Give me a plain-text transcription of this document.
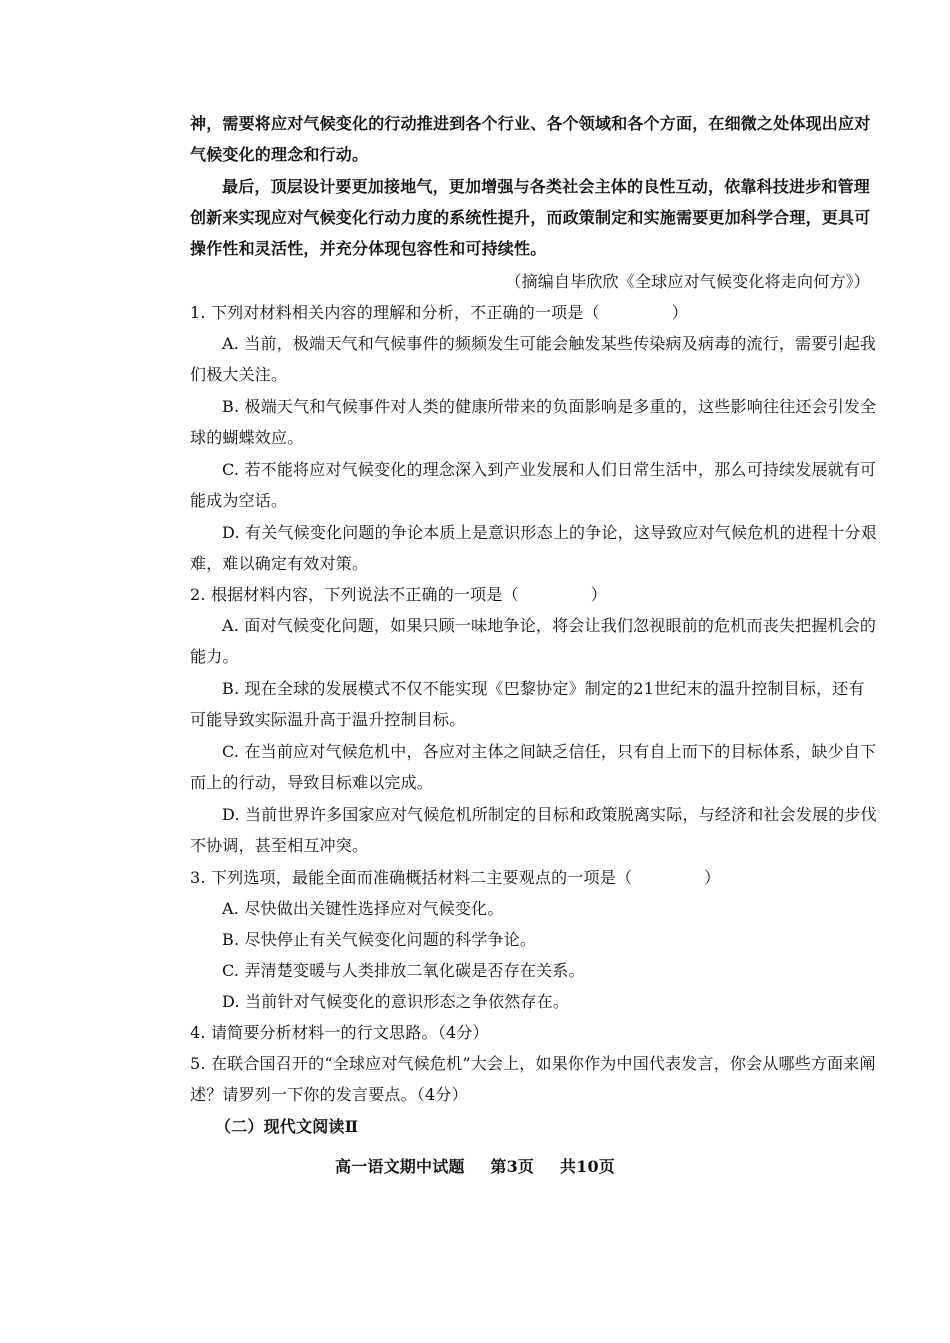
神，需要将应对气候变化的行动推进到各个行业、各个领域和各个方面，在细微之处体现出应对气候变化的理念和行动。
最后，顶层设计要更加接地气，更加增强与各类社会主体的良性互动，依靠科技进步和管理创新来实现应对气候变化行动力度的系统性提升，而政策制定和实施需要更加科学合理，更具可操作性和灵活性，并充分体现包容性和可持续性。
（摘编自毕欣欣《全球应对气候变化将走向何方》）
1. 下列对材料相关内容的理解和分析，不正确的一项是（	）
A. 当前，极端天气和气候事件的频频发生可能会触发某些传染病及病毒的流行，需要引起我们极大关注。
B. 极端天气和气候事件对人类的健康所带来的负面影响是多重的，这些影响往往还会引发全球的蝴蝶效应。
C. 若不能将应对气候变化的理念深入到产业发展和人们日常生活中，那么可持续发展就有可能成为空话。
D. 有关气候变化问题的争论本质上是意识形态上的争论，这导致应对气候危机的进程十分艰难，难以确定有效对策。
2. 根据材料内容，下列说法不正确的一项是（	）
A. 面对气候变化问题，如果只顾一味地争论，将会让我们忽视眼前的危机而丧失把握机会的能力。
B. 现在全球的发展模式不仅不能实现《巴黎协定》制定的21世纪末的温升控制目标，还有可能导致实际温升高于温升控制目标。
C. 在当前应对气候危机中，各应对主体之间缺乏信任，只有自上而下的目标体系，缺少自下而上的行动，导致目标难以完成。
D. 当前世界许多国家应对气候危机所制定的目标和政策脱离实际，与经济和社会发展的步伐不协调，甚至相互冲突。
3. 下列选项，最能全面而准确概括材料二主要观点的一项是（	）
A. 尽快做出关键性选择应对气候变化。
B. 尽快停止有关气候变化问题的科学争论。
C. 弄清楚变暖与人类排放二氧化碳是否存在关系。
D. 当前针对气候变化的意识形态之争依然存在。
4. 请简要分析材料一的行文思路。（4分）
5. 在联合国召开的“全球应对气候危机”大会上，如果你作为中国代表发言，你会从哪些方面来阐述？请罗列一下你的发言要点。（4分）
（二）现代文阅读Ⅱ
高一语文期中试题 第3页 共10页
